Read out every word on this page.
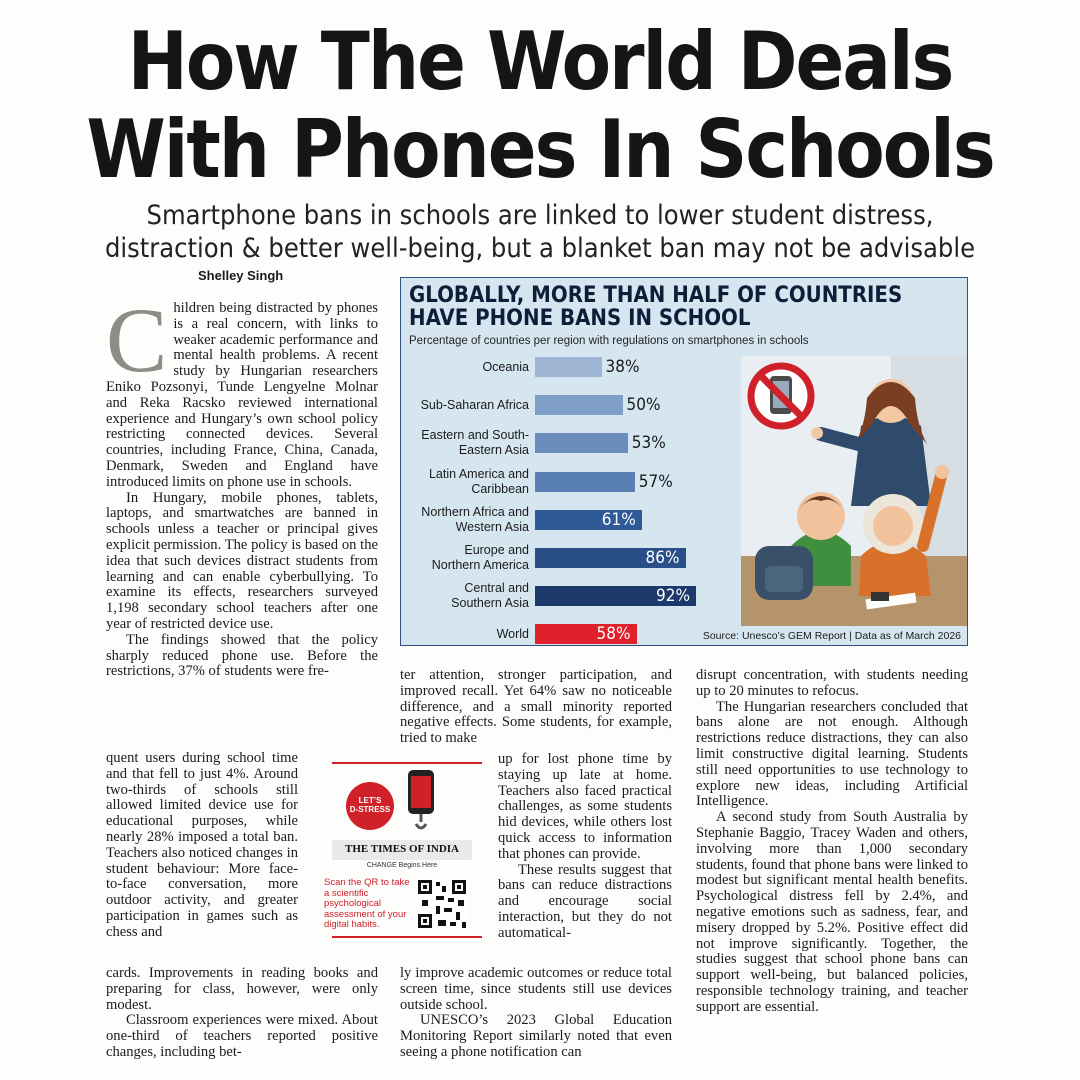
How The World Deals
With Phones In Schools
Smartphone bans in schools are linked to lower student distress,
distraction & better well-being, but a blanket ban may not be advisable
Shelley Singh
C hildren being distracted by phones is a real concern, with links to weaker academic performance and mental health problems. A recent study by Hungarian researchers Eniko Pozsonyi, Tunde Lengyelne Molnar and Reka Racsko reviewed international experience and Hungary’s own school policy restricting connected devices. Several countries, including France, China, Canada, Denmark, Sweden and England have introduced limits on phone use in schools.

In Hungary, mobile phones, tablets, laptops, and smartwatches are banned in schools unless a teacher or principal gives explicit permission. The policy is based on the idea that such devices distract students from learning and can enable cyberbullying. To examine its effects, researchers surveyed 1,198 secondary school teachers after one year of restricted device use.

The findings showed that the policy sharply reduced phone use. Before the restrictions, 37% of students were fre-

quent users during school time and that fell to just 4%. Around two-thirds of schools still allowed limited device use for educational purposes, while nearly 28% imposed a total ban. Teachers also noticed changes in student behaviour: More face-to-face conversation, more outdoor activity, and greater participation in games such as chess and

cards. Improvements in reading books and preparing for class, however, were only modest.

Classroom experiences were mixed. About one-third of teachers reported positive changes, including bet-

ter attention, stronger participation, and improved recall. Yet 64% saw no noticeable difference, and a small minority reported negative effects. Some students, for example, tried to make

up for lost phone time by staying up late at home. Teachers also faced practical challenges, as some students hid devices, while others lost quick access to information that phones can provide.

These results suggest that bans can reduce distractions and encourage social interaction, but they do not automatical-

ly improve academic outcomes or reduce total screen time, since students still use devices outside school.

UNESCO’s 2023 Global Education Monitoring Report similarly noted that even seeing a phone notification can

disrupt concentration, with students needing up to 20 minutes to refocus.

The Hungarian researchers concluded that bans alone are not enough. Although restrictions reduce distractions, they can also limit constructive digital learning. Students still need opportunities to use technology to explore new ideas, including Artificial Intelligence.

A second study from South Australia by Stephanie Baggio, Tracey Waden and others, involving more than 1,000 secondary students, found that phone bans were linked to modest but significant mental health benefits. Psychological distress fell by 2.4%, and negative emotions such as sadness, fear, and misery dropped by 5.2%. Positive effect did not improve significantly. Together, the studies suggest that school phone bans can support well-being, but balanced policies, responsible technology training, and teacher support are essential.

GLOBALLY, MORE THAN HALF OF COUNTRIES
HAVE PHONE BANS IN SCHOOL
Percentage of countries per region with regulations on smartphones in schools
Oceania	38%
Sub-Saharan Africa	50%
Eastern and South-
Eastern Asia	53%
Latin America and
Caribbean	57%
Northern Africa and
Western Asia	61%
Europe and
Northern America	86%
Central and
Southern Asia	92%
World	58%	Source: Unesco’s GEM Report | Data as of March 2026
LET’S
D-STRESS
THE TIMES OF INDIA
CHANGE Begins Here
Scan the QR to take a scientific psychological assessment of your digital habits.
